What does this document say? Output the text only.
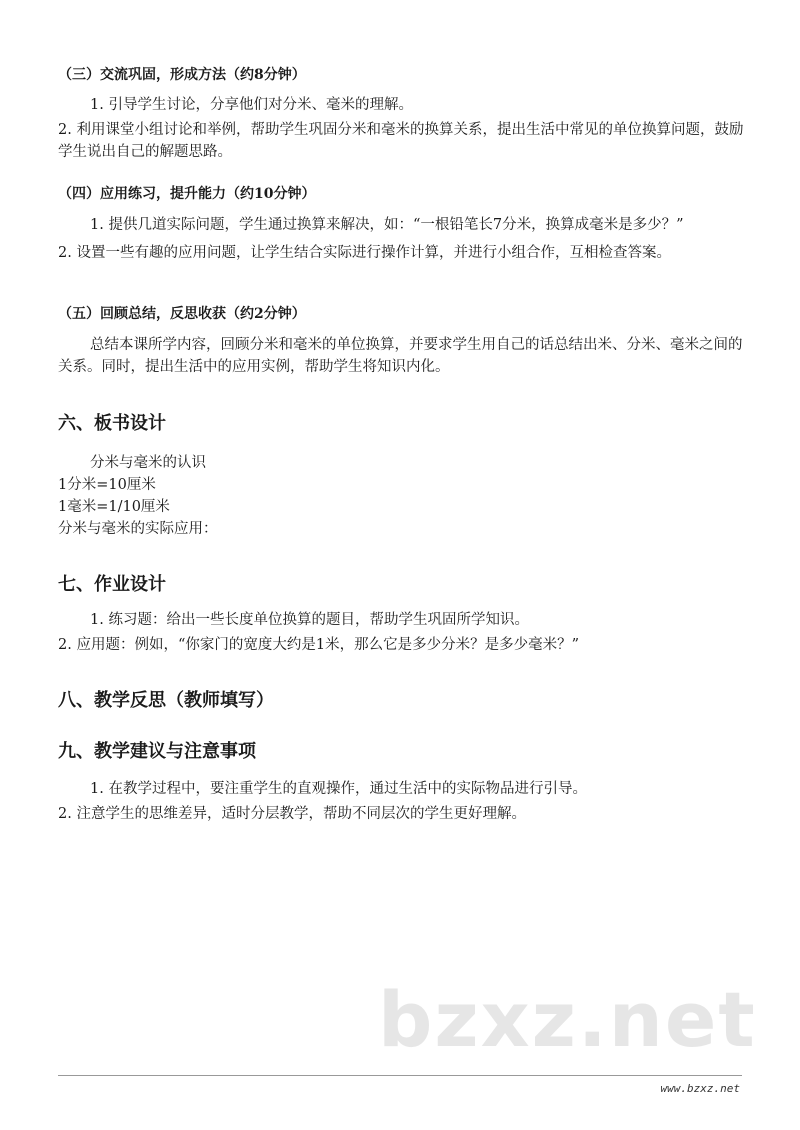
（三）交流巩固，形成方法（约8分钟）

1. 引导学生讨论，分享他们对分米、毫米的理解。

2. 利用课堂小组讨论和举例，帮助学生巩固分米和毫米的换算关系，提出生活中常见的单位换算问题，鼓励学生说出自己的解题思路。

（四）应用练习，提升能力（约10分钟）

1. 提供几道实际问题，学生通过换算来解决，如：“一根铅笔长7分米，换算成毫米是多少？”

2. 设置一些有趣的应用问题，让学生结合实际进行操作计算，并进行小组合作，互相检查答案。

（五）回顾总结，反思收获（约2分钟）

总结本课所学内容，回顾分米和毫米的单位换算，并要求学生用自己的话总结出米、分米、毫米之间的关系。同时，提出生活中的应用实例，帮助学生将知识内化。

六、板书设计

分米与毫米的认识

1分米=10厘米

1毫米=1/10厘米

分米与毫米的实际应用：

七、作业设计

1. 练习题：给出一些长度单位换算的题目，帮助学生巩固所学知识。

2. 应用题：例如，“你家门的宽度大约是1米，那么它是多少分米？是多少毫米？”

八、教学反思（教师填写）
九、教学建议与注意事项

1. 在教学过程中，要注重学生的直观操作，通过生活中的实际物品进行引导。

2. 注意学生的思维差异，适时分层教学，帮助不同层次的学生更好理解。

bzxz.net
www.bzxz.net
